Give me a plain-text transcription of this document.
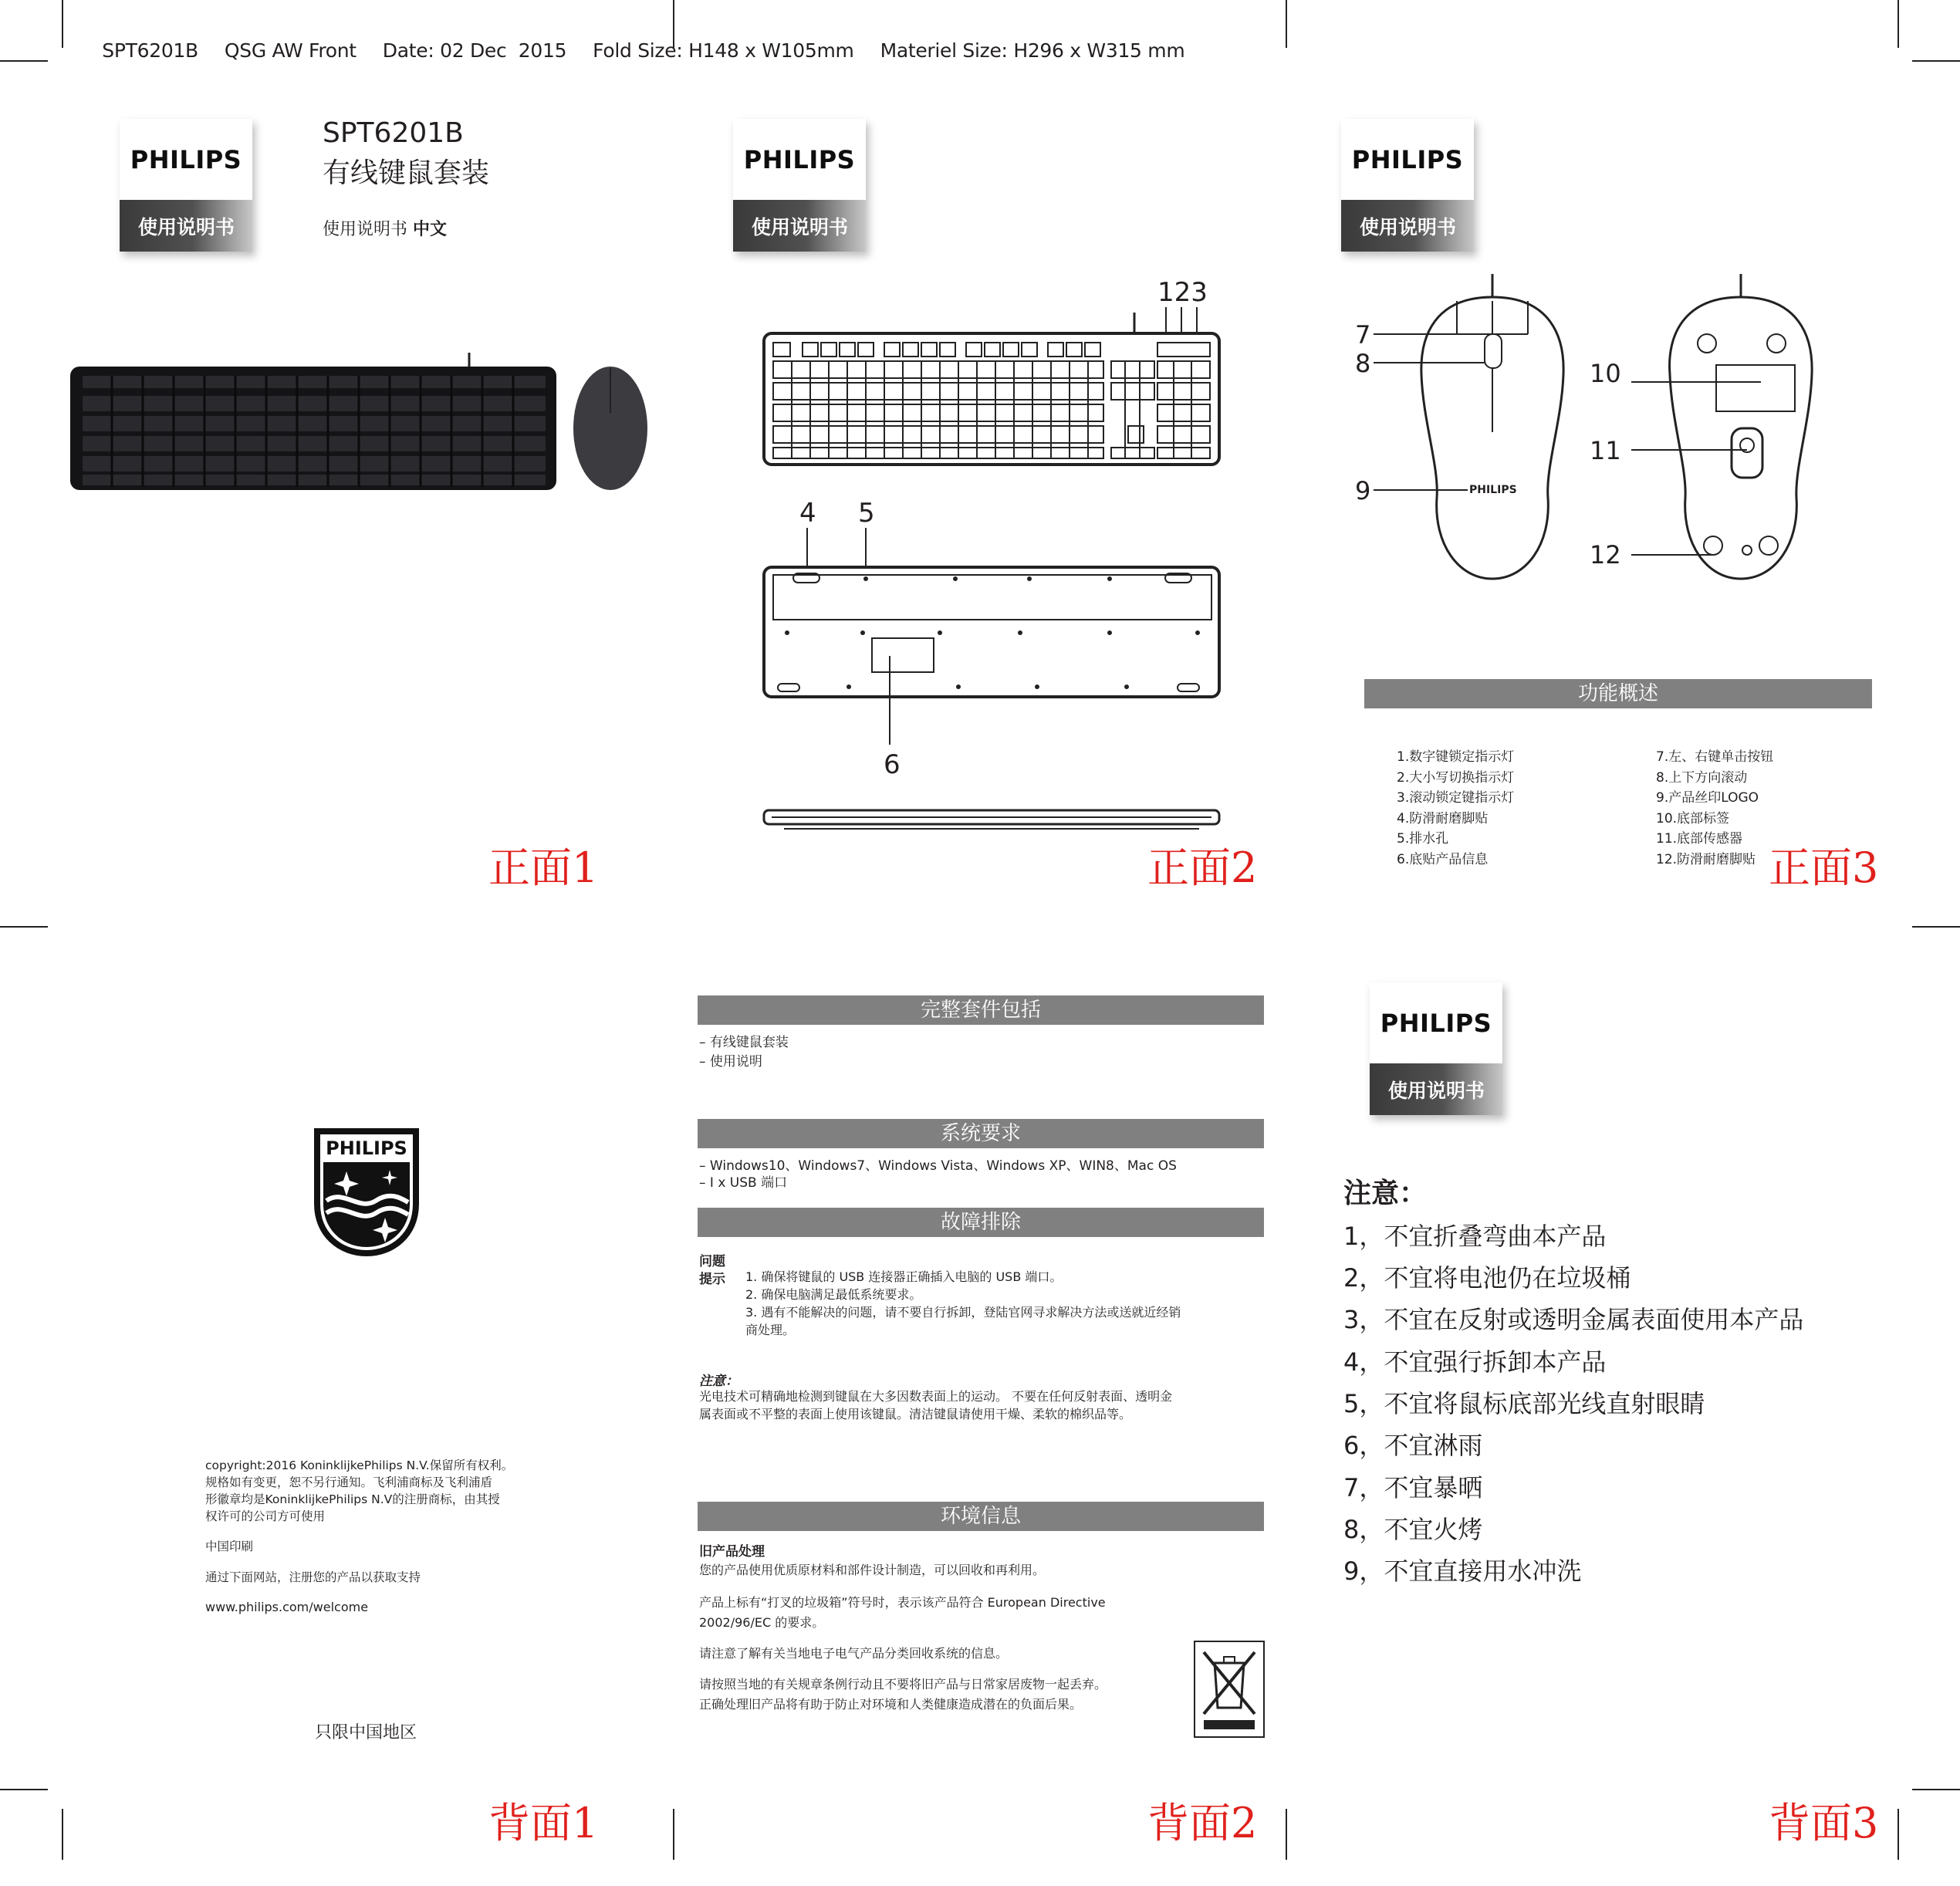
SPT6201B QSG AW Front Date: 02 Dec  2015 Fold Size: H148 x W105mm Materiel Size: H296 x W315 mm

PHILIPS
使用说明书
SPT6201B
有线键鼠套装
使用说明书 中文
正面1
PHILIPS
使用说明书
123
4 5
6
正面2
PHILIPS
使用说明书
PHILIPS
7
8
9
10
11
12
功能概述
1.数字键锁定指示灯
2.大小写切换指示灯
3.滚动锁定键指示灯
4.防滑耐磨脚贴
5.排水孔
6.底贴产品信息
7.左、右键单击按钮
8.上下方向滚动
9.产品丝印LOGO
10.底部标签
11.底部传感器
12.防滑耐磨脚贴 正面3
PHILIPS
copyright:2016 KoninklijkePhilips N.V.保留所有权利。
规格如有变更，恕不另行通知。飞利浦商标及飞利浦盾
形徽章均是KoninklijkePhilips N.V的注册商标，由其授
权许可的公司方可使用
中国印刷
通过下面网站，注册您的产品以获取支持
www.philips.com/welcome
只限中国地区
背面1
完整套件包括
– 有线键鼠套装
– 使用说明
系统要求
– Windows10、Windows7、Windows Vista、Windows XP、WIN8、Mac OS
– I x USB 端口
故障排除
问题
提示 1. 确保将键鼠的 USB 连接器正确插入电脑的 USB 端口。
2. 确保电脑满足最低系统要求。
3. 遇有不能解决的问题，请不要自行拆卸，登陆官网寻求解决方法或送就近经销
商处理。
注意：
光电技术可精确地检测到键鼠在大多因数表面上的运动。 不要在任何反射表面、透明金
属表面或不平整的表面上使用该键鼠。清洁键鼠请使用干燥、柔软的棉织品等。
环境信息
旧产品处理
您的产品使用优质原材料和部件设计制造，可以回收和再利用。
产品上标有“打叉的垃圾箱”符号时，表示该产品符合 European Directive
2002/96/EC 的要求。
请注意了解有关当地电子电气产品分类回收系统的信息。
请按照当地的有关规章条例行动且不要将旧产品与日常家居废物一起丢弃。
正确处理旧产品将有助于防止对环境和人类健康造成潜在的负面后果。
背面2
PHILIPS
使用说明书
注意：
1，不宜折叠弯曲本产品
2，不宜将电池仍在垃圾桶
3，不宜在反射或透明金属表面使用本产品
4，不宜强行拆卸本产品
5，不宜将鼠标底部光线直射眼睛
6，不宜淋雨
7，不宜暴晒
8，不宜火烤
9，不宜直接用水冲洗
背面3
